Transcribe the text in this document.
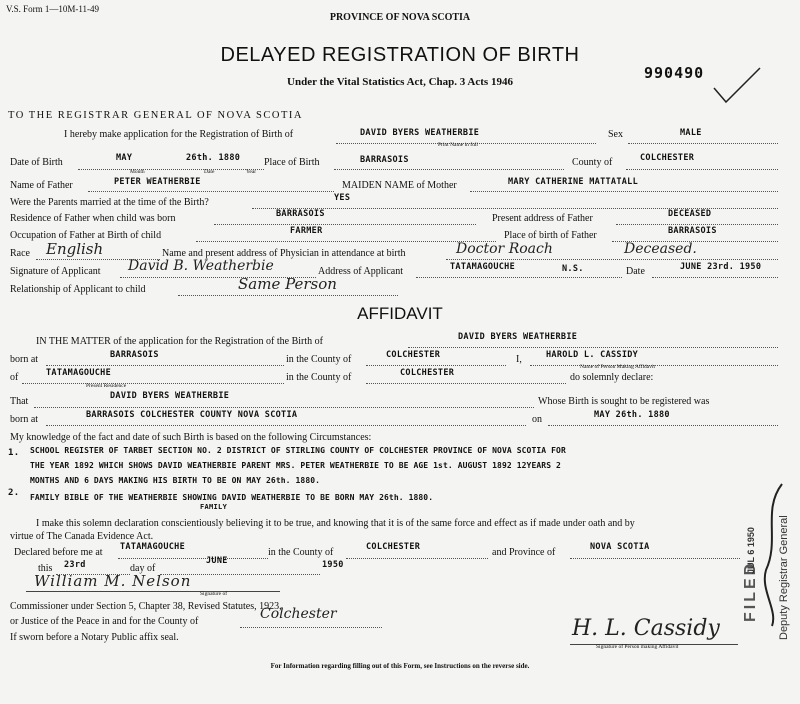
V.S. Form 1—10M-11-49
PROVINCE OF NOVA SCOTIA
DELAYED REGISTRATION OF BIRTH
Under the Vital Statistics Act, Chap. 3 Acts 1946	990490
TO THE REGISTRAR GENERAL OF NOVA SCOTIA
I hereby make application for the Registration of Birth of	DAVID BYERS WEATHERBIE
Print Name in full
Sex	MALE
Date of Birth	MAY	26th. 1880
Month	Date	Year
Place of Birth	BARRASOIS	County of	COLCHESTER
Name of Father	PETER WEATHERBIE	MAIDEN NAME of Mother	MARY CATHERINE MATTATALL
Were the Parents married at the time of the Birth?	YES
Residence of Father when child was born	BARRASOIS	Present address of Father	DECEASED
Occupation of Father at Birth of child	FARMER	Place of birth of Father	BARRASOIS
Race English	Name and present address of Physician in attendance at birth	Doctor Roach	Deceased.
Signature of Applicant David B. Weatherbie	Address of Applicant	TATAMAGOUCHE	N.S.	Date	JUNE 23rd. 1950
Relationship of Applicant to child	Same Person
AFFIDAVIT
IN THE MATTER of the application for the Registration of the Birth of	DAVID BYERS WEATHERBIE
born at	BARRASOIS	in the County of	COLCHESTER	I,	HAROLD L. CASSIDY
Name of Person Making Affidavit
of	TATAMAGOUCHE
Present Residence
in the County of	COLCHESTER	do solemnly declare:
That	DAVID BYERS WEATHERBIE	Whose Birth is sought to be registered was
born at	BARRASOIS COLCHESTER COUNTY NOVA SCOTIA	on	MAY 26th. 1880
My knowledge of the fact and date of such Birth is based on the following Circumstances:
1. SCHOOL REGISTER OF TARBET SECTION NO. 2 DISTRICT OF STIRLING COUNTY OF COLCHESTER PROVINCE OF NOVA SCOTIA FOR
THE YEAR 1892 WHICH SHOWS DAVID WEATHERBIE PARENT MRS. PETER WEATHERBIE TO BE AGE 1st. AUGUST 1892 12YEARS 2
MONTHS AND 6 DAYS MAKING HIS BIRTH TO BE ON MAY 26th. 1880.
2. FAMILY BIBLE OF THE WEATHERBIE SHOWING DAVID WEATHERBIE TO BE BORN MAY 26th. 1880.
FAMILY
I make this solemn declaration conscientiously believing it to be true, and knowing that it is of the same force and effect as if made under oath and by
virtue of The Canada Evidence Act.
Declared before me at TATAMAGOUCHE	in the County of	COLCHESTER	and Province of	NOVA SCOTIA
this 23rd	day of
JUNE	1950
William M. Nelson
Signature of
Commissioner under Section 5, Chapter 38, Revised Statutes, 1923,
or Justice of the Peace in and for the County of	Colchester
If sworn before a Notary Public affix seal.	H. L. Cassidy
Signature of Person making Affidavit
For Information regarding filling out of this Form, see Instructions on the reverse side.
FILED
JUL 6 1950 Deputy Registrar General
